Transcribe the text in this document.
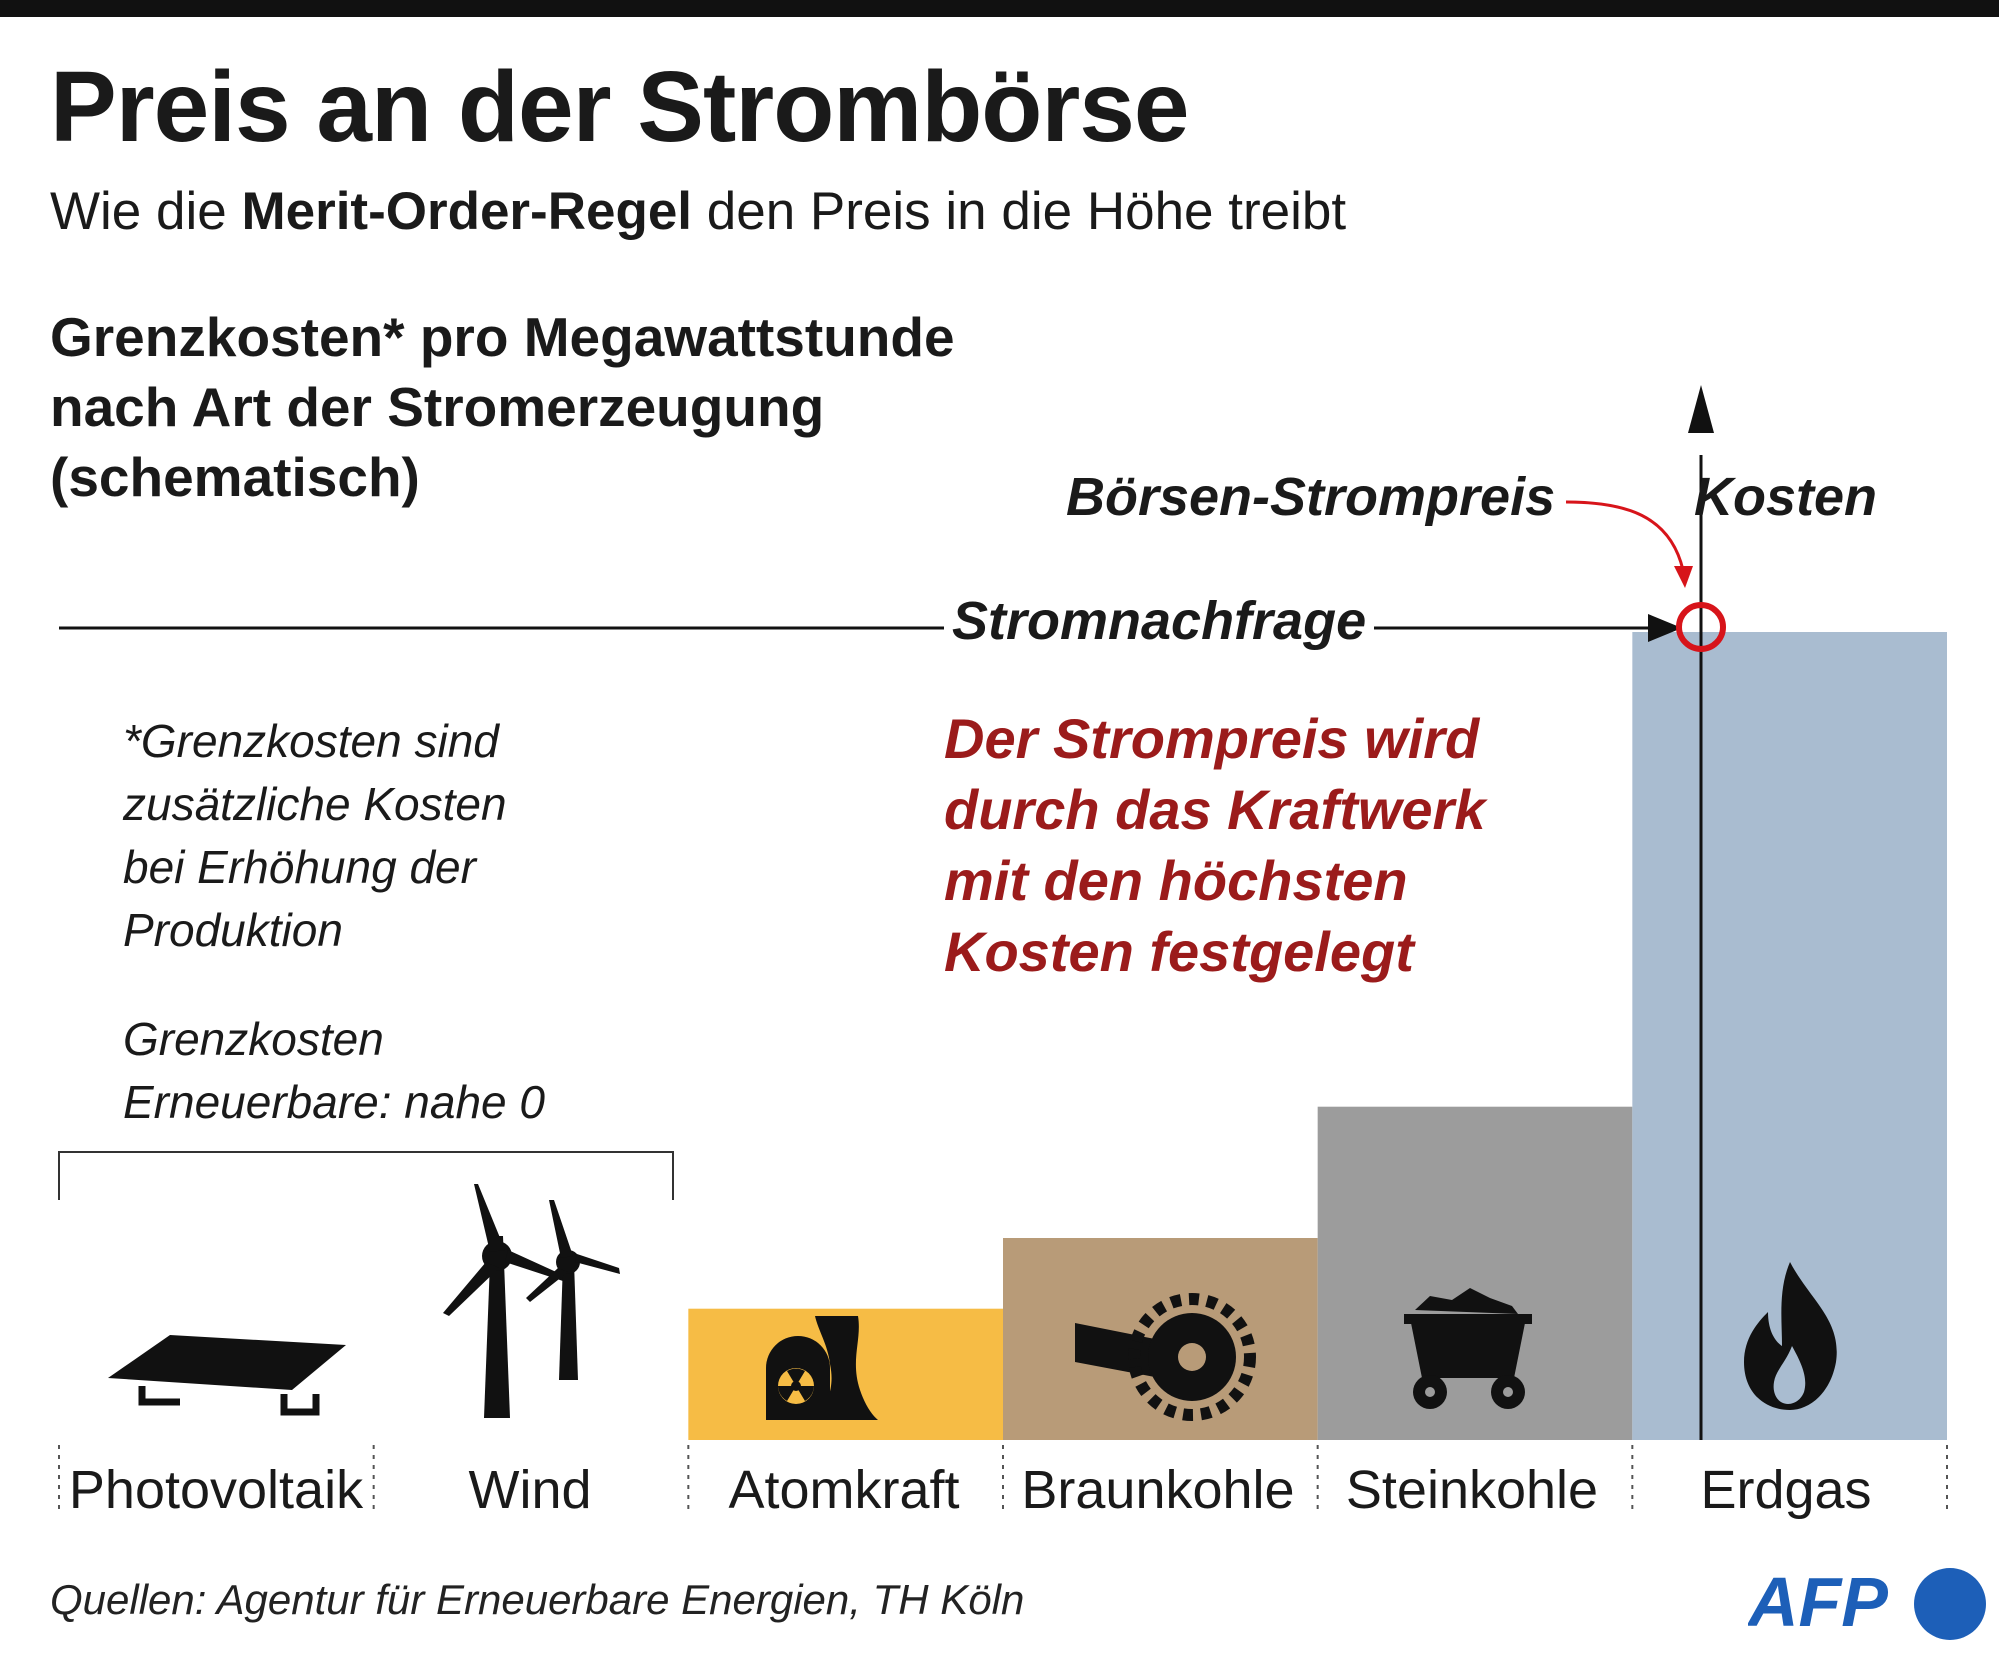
Preis an der Strombörse
Wie die Merit-Order-Regel den Preis in die Höhe treibt
Grenzkosten* pro Megawattstunde
nach Art der Stromerzeugung
(schematisch)	Börsen-Strompreis	Kosten
Stromnachfrage
*Grenzkosten sind
zusätzliche Kosten
bei Erhöhung der
Produktion
Grenzkosten
Erneuerbare: nahe 0
Der Strompreis wird
durch das Kraftwerk
mit den höchsten
Kosten festgelegt
Photovoltaik	Wind	Atomkraft	Braunkohle Steinkohle	Erdgas
Quellen: Agentur für Erneuerbare Energien, TH Köln	AFP
